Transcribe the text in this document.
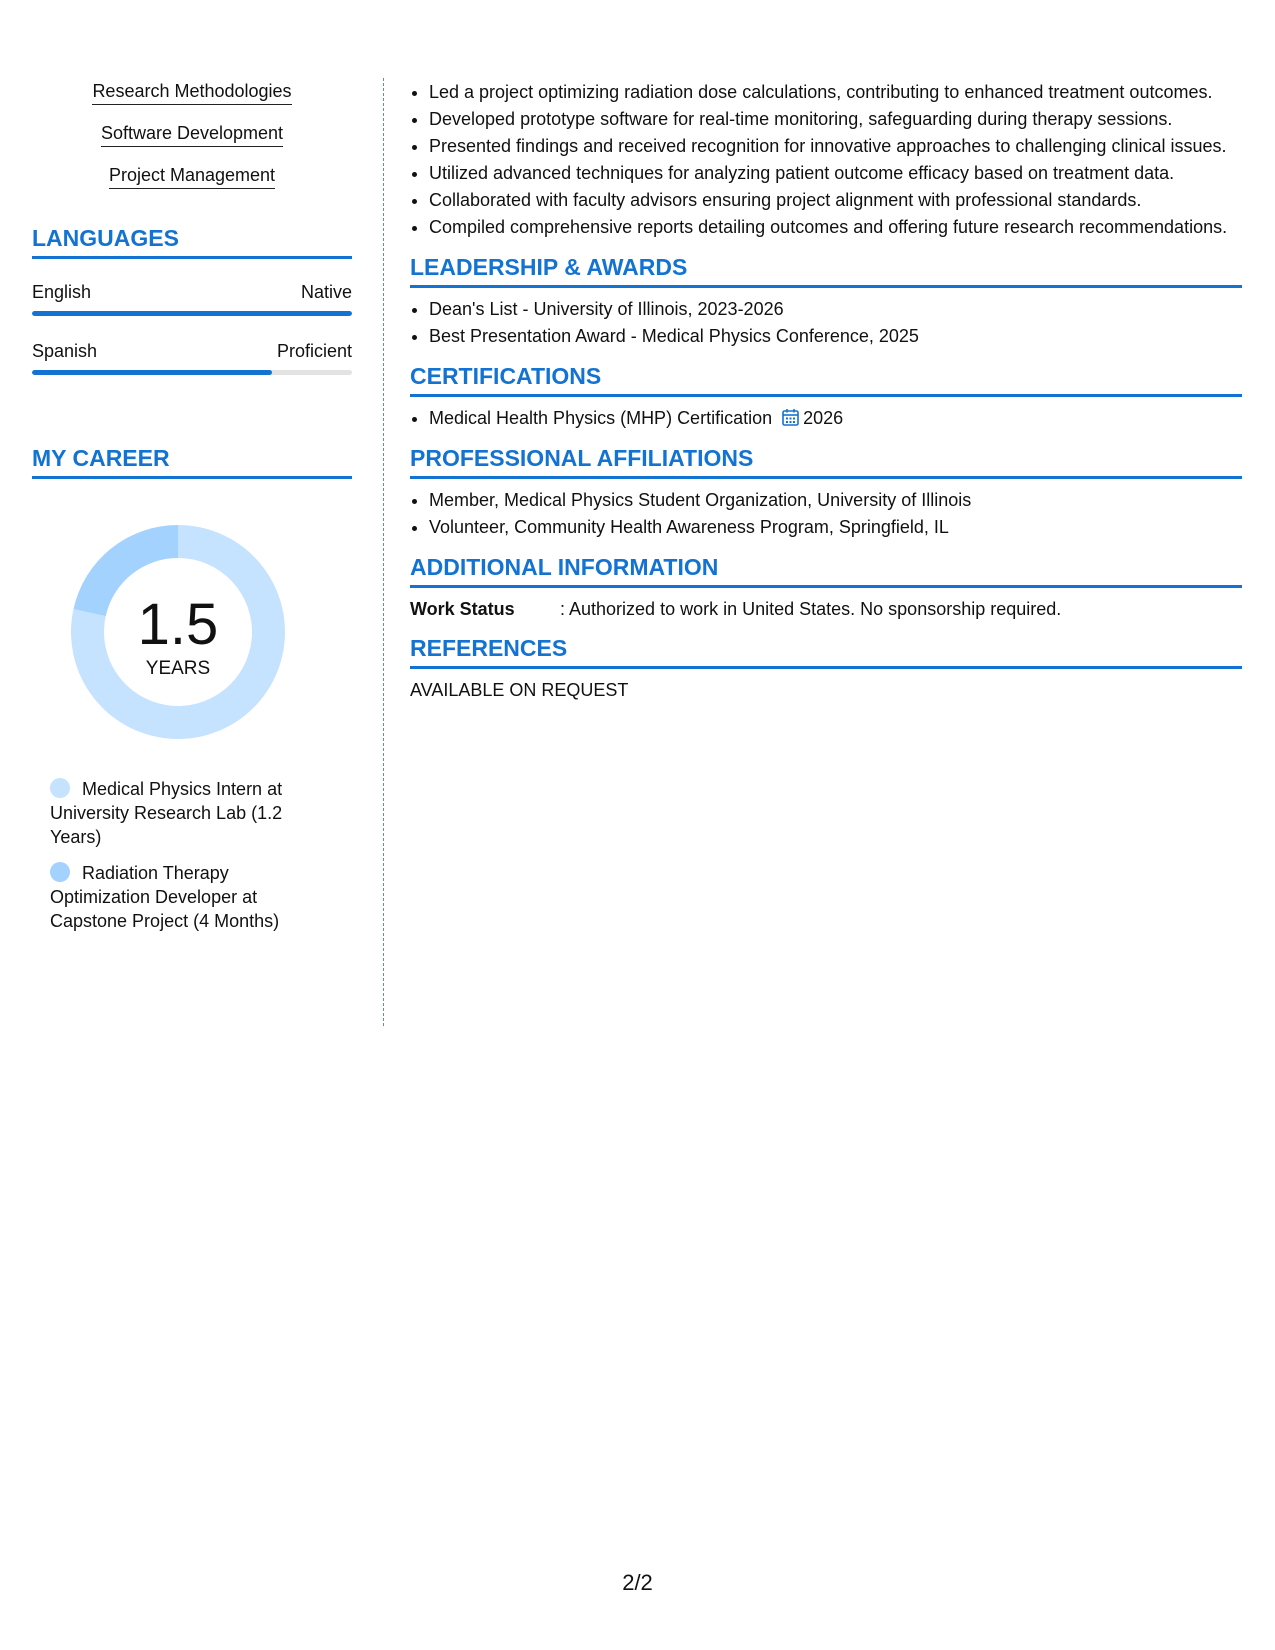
Research Methodologies
Software Development
Project Management
LANGUAGES
English	Native
Spanish	Proficient
MY CAREER
1.5
YEARS
Medical Physics Intern at University Research Lab (1.2 Years)
Radiation Therapy Optimization Developer at Capstone Project (4 Months)
• Led a project optimizing radiation dose calculations, contributing to enhanced treatment outcomes.
• Developed prototype software for real-time monitoring, safeguarding during therapy sessions.
• Presented findings and received recognition for innovative approaches to challenging clinical issues.
• Utilized advanced techniques for analyzing patient outcome efficacy based on treatment data.
• Collaborated with faculty advisors ensuring project alignment with professional standards.
• Compiled comprehensive reports detailing outcomes and offering future research recommendations.
LEADERSHIP & AWARDS
• Dean's List - University of Illinois, 2023-2026
• Best Presentation Award - Medical Physics Conference, 2025
CERTIFICATIONS
• Medical Health Physics (MHP) Certification 2026
PROFESSIONAL AFFILIATIONS
• Member, Medical Physics Student Organization, University of Illinois
• Volunteer, Community Health Awareness Program, Springfield, IL
ADDITIONAL INFORMATION
Work Status	: Authorized to work in United States. No sponsorship required.
REFERENCES
AVAILABLE ON REQUEST
2/2
